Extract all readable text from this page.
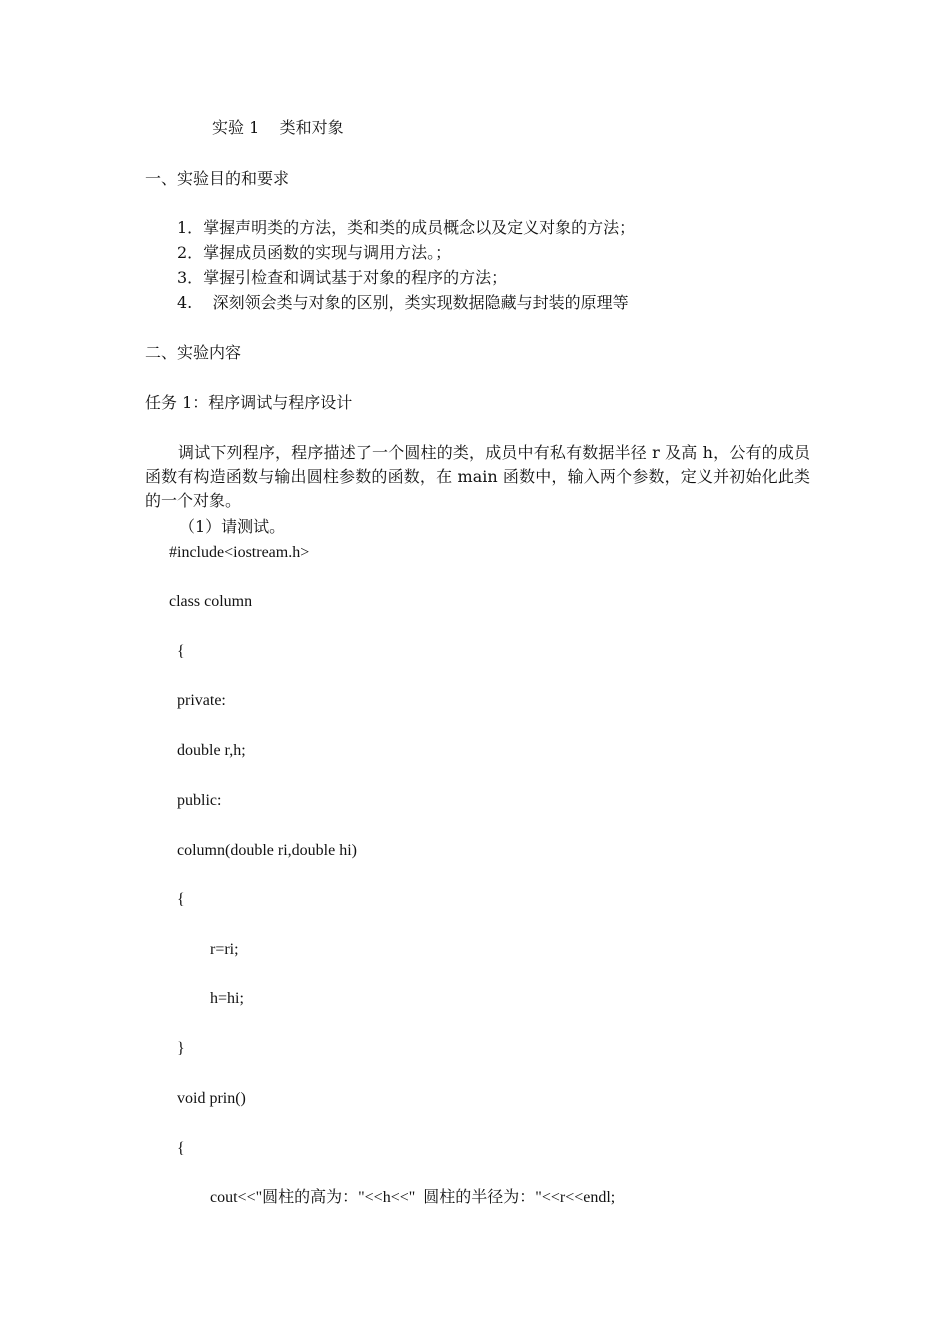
实验 1    类和对象
一、实验目的和要求
1．掌握声明类的方法，类和类的成员概念以及定义对象的方法；
2．掌握成员函数的实现与调用方法。；
3．掌握引检查和调试基于对象的程序的方法；
4.    深刻领会类与对象的区别，类实现数据隐藏与封装的原理等
二、实验内容
任务 1：程序调试与程序设计
调试下列程序，程序描述了一个圆柱的类，成员中有私有数据半径 r 及高 h，公有的成员函数有构造函数与输出圆柱参数的函数，在 main 函数中，输入两个参数，定义并初始化此类的一个对象。
（1）请测试。
#include<iostream.h>
class column
{
private:
double r,h;
public:
column(double ri,double hi)
{
r=ri;
h=hi;
}
void prin()
{
cout<<"圆柱的高为："<<h<<"  圆柱的半径为："<<r<<endl;
